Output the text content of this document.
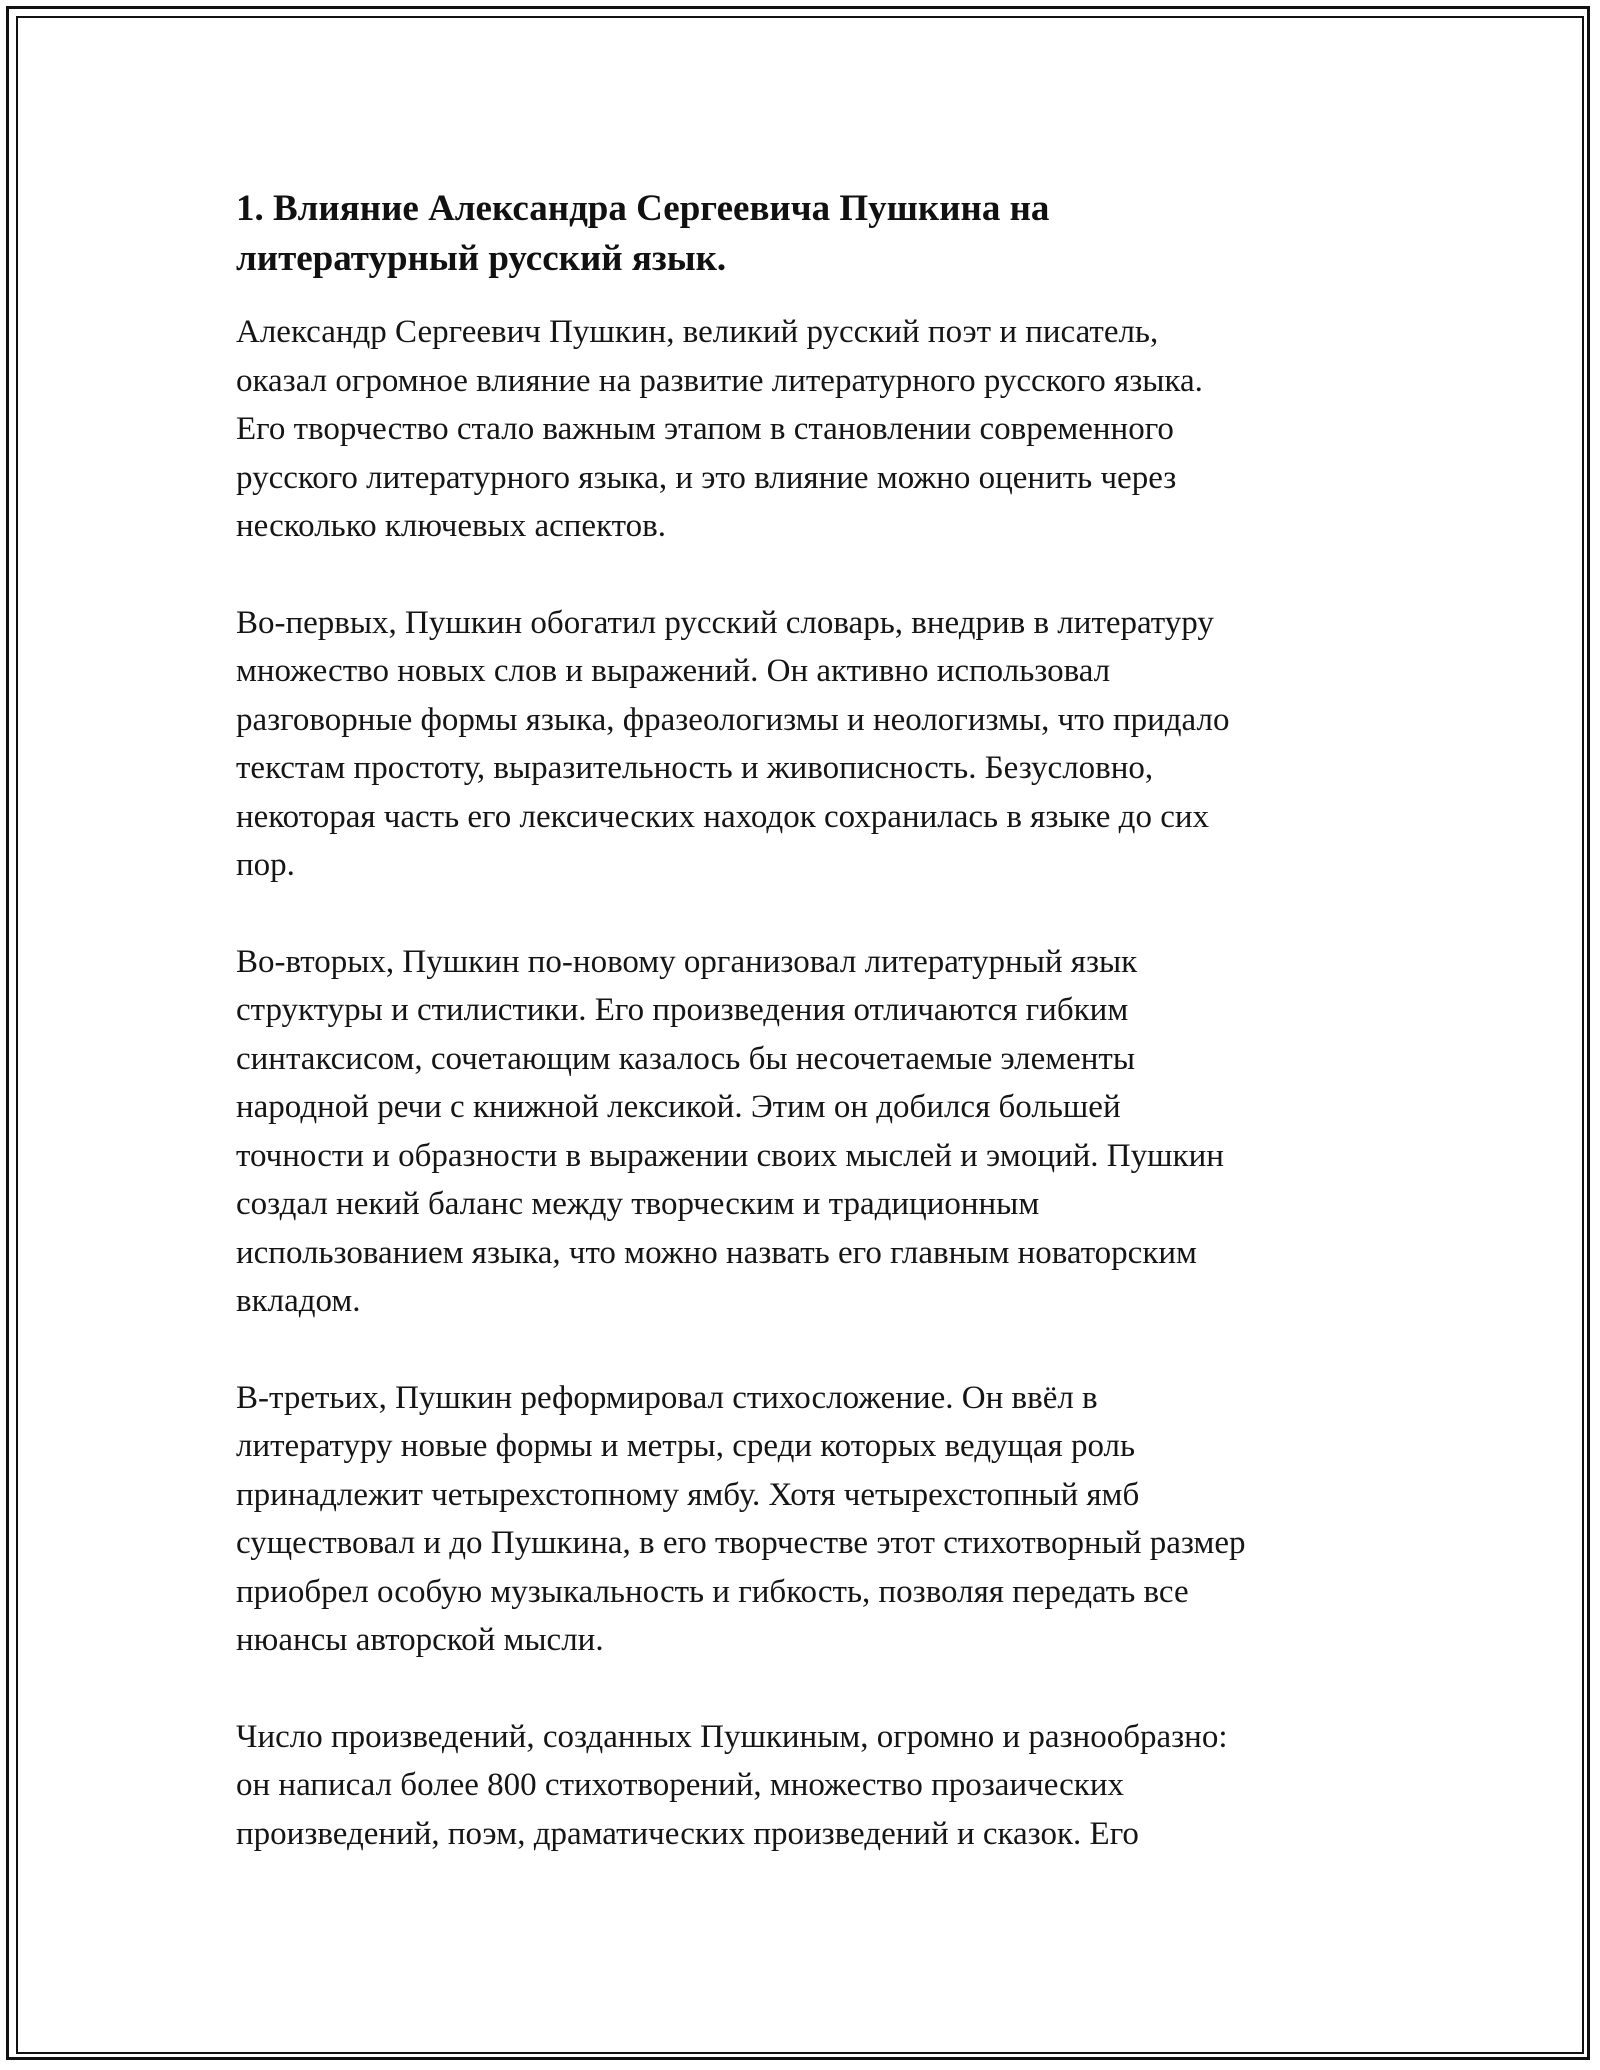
1. Влияние Александра Сергеевича Пушкина на
литературный русский язык.

Александр Сергеевич Пушкин, великий русский поэт и писатель,
оказал огромное влияние на развитие литературного русского языка.
Его творчество стало важным этапом в становлении современного
русского литературного языка, и это влияние можно оценить через
несколько ключевых аспектов.

Во-первых, Пушкин обогатил русский словарь, внедрив в литературу
множество новых слов и выражений. Он активно использовал
разговорные формы языка, фразеологизмы и неологизмы, что придало
текстам простоту, выразительность и живописность. Безусловно,
некоторая часть его лексических находок сохранилась в языке до сих
пор.

Во-вторых, Пушкин по-новому организовал литературный язык
структуры и стилистики. Его произведения отличаются гибким
синтаксисом, сочетающим казалось бы несочетаемые элементы
народной речи с книжной лексикой. Этим он добился большей
точности и образности в выражении своих мыслей и эмоций. Пушкин
создал некий баланс между творческим и традиционным
использованием языка, что можно назвать его главным новаторским
вкладом.

В-третьих, Пушкин реформировал стихосложение. Он ввёл в
литературу новые формы и метры, среди которых ведущая роль
принадлежит четырехстопному ямбу. Хотя четырехстопный ямб
существовал и до Пушкина, в его творчестве этот стихотворный размер
приобрел особую музыкальность и гибкость, позволяя передать все
нюансы авторской мысли.

Число произведений, созданных Пушкиным, огромно и разнообразно:
он написал более 800 стихотворений, множество прозаических
произведений, поэм, драматических произведений и сказок. Его
